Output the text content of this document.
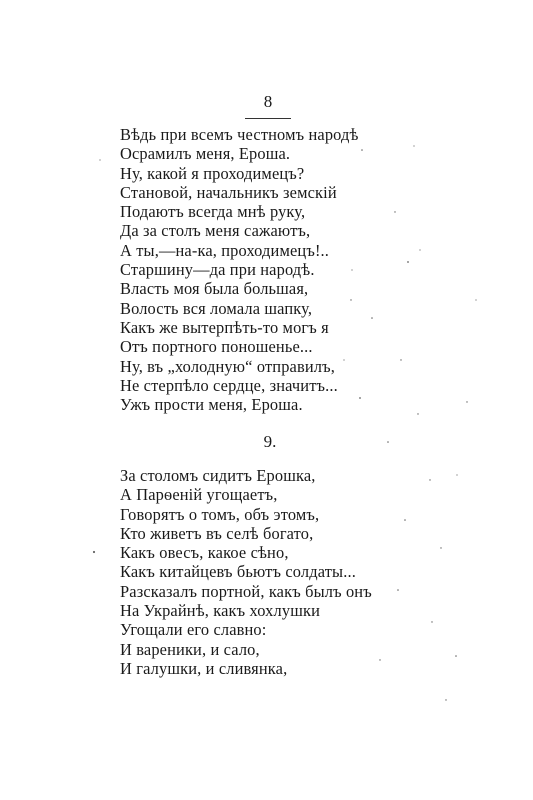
8
Вѣдь при всемъ честномъ народѣ
Осрамилъ меня, Ероша.
Ну, какой я проходимецъ?
Становой, начальникъ земскій
Подаютъ всегда мнѣ руку,
Да за столъ меня сажаютъ,
А ты,—на-ка, проходимецъ!..
Старшину—да при народѣ.
Власть моя была большая,
Волость вся ломала шапку,
Какъ же вытерпѣть-то могъ я
Отъ портного поношенье...
Ну, въ „холодную“ отправилъ,
Не стерпѣло сердце, значитъ...
Ужъ прости меня, Ероша.
9.
За столомъ сидитъ Ерошка,
А Парѳеній угощаетъ,
Говорятъ о томъ, объ этомъ,
Кто живетъ въ селѣ богато,
Какъ овесъ, какое сѣно,
Какъ китайцевъ бьютъ солдаты...
Разсказалъ портной, какъ былъ онъ
На Украйнѣ, какъ хохлушки
Угощали его славно:
И вареники, и сало,
И галушки, и сливянка,
